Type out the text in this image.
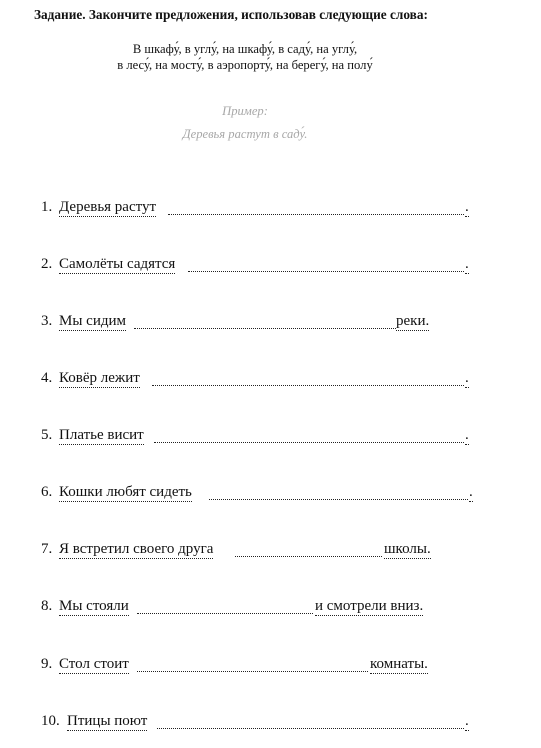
Задание. Закончите предложения, использовав следующие слова:
В шкафу́, в углу́, на шкафу́, в саду́, на углу́,
в лесу́, на мосту́, в аэропорту́, на берегу́, на полу́
Пример:
Деревья растут в саду́.
1. Деревья растут	.
2. Самолёты садятся	.
3. Мы сидим	реки.
4. Ковёр лежит	.
5. Платье висит	.
6. Кошки любят сидеть	.
7. Я встретил своего друга	школы.
8. Мы стояли	и смотрели вниз.
9. Стол стоит	комнаты.
10. Птицы поют	.
